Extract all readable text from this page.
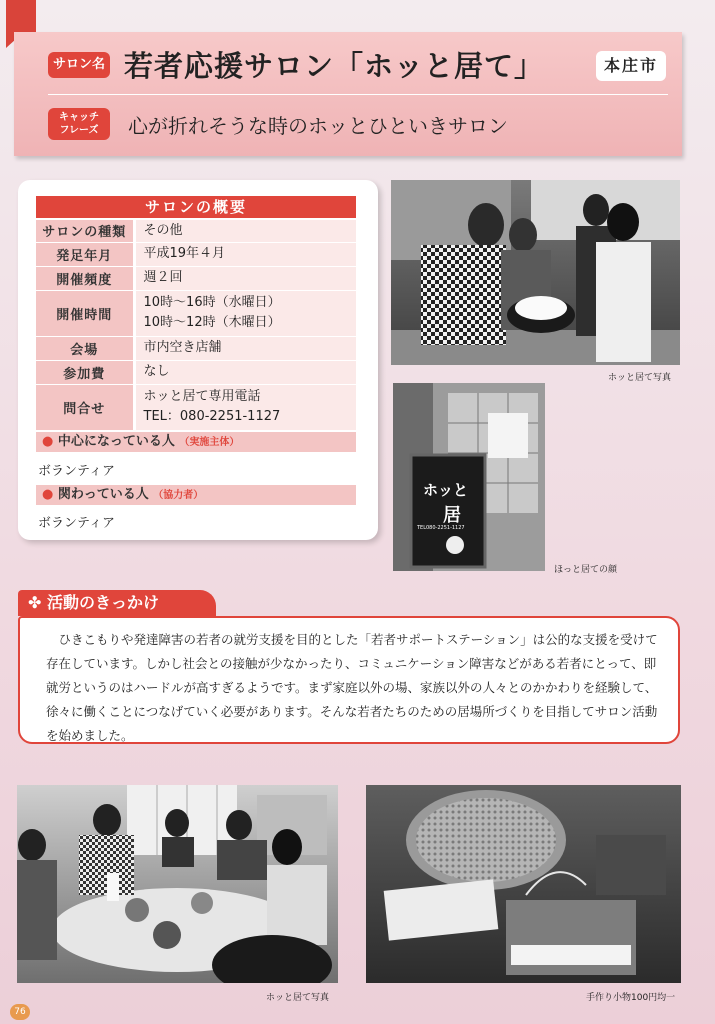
サロン名 若者応援サロン「ホッと居て」	本庄市
キャッチ
フレーズ	心が折れそうな時のホッとひといきサロン
サロンの概要
サロンの種類	その他
発足年月	平成19年４月
開催頻度	週２回
開催時間	10時～16時（水曜日）
10時～12時（木曜日）

会場	市内空き店舗
参加費	なし
問合せ	ホッと居て専用電話
TEL：080-2251-1127
● 中心になっている人 （実施主体）
ボランティア
● 関わっている人 （協力者）
ボランティア
ホッと居て写真
ホッと
居
TEL080-2251-1127
ほっと居ての顔
✤ 活動のきっかけ
ひきこもりや発達障害の若者の就労支援を目的とした「若者サポートステーション」は公的な支援を受けて存在しています。しかし社会との接触が少なかったり、コミュニケーション障害などがある若者にとって、即就労というのはハードルが高すぎるようです。まず家庭以外の場、家族以外の人々とのかかわりを経験して、徐々に働くことにつなげていく必要があります。そんな若者たちのための居場所づくりを目指してサロン活動を始めました。
ホッと居て写真	手作り小物100円均一
76
